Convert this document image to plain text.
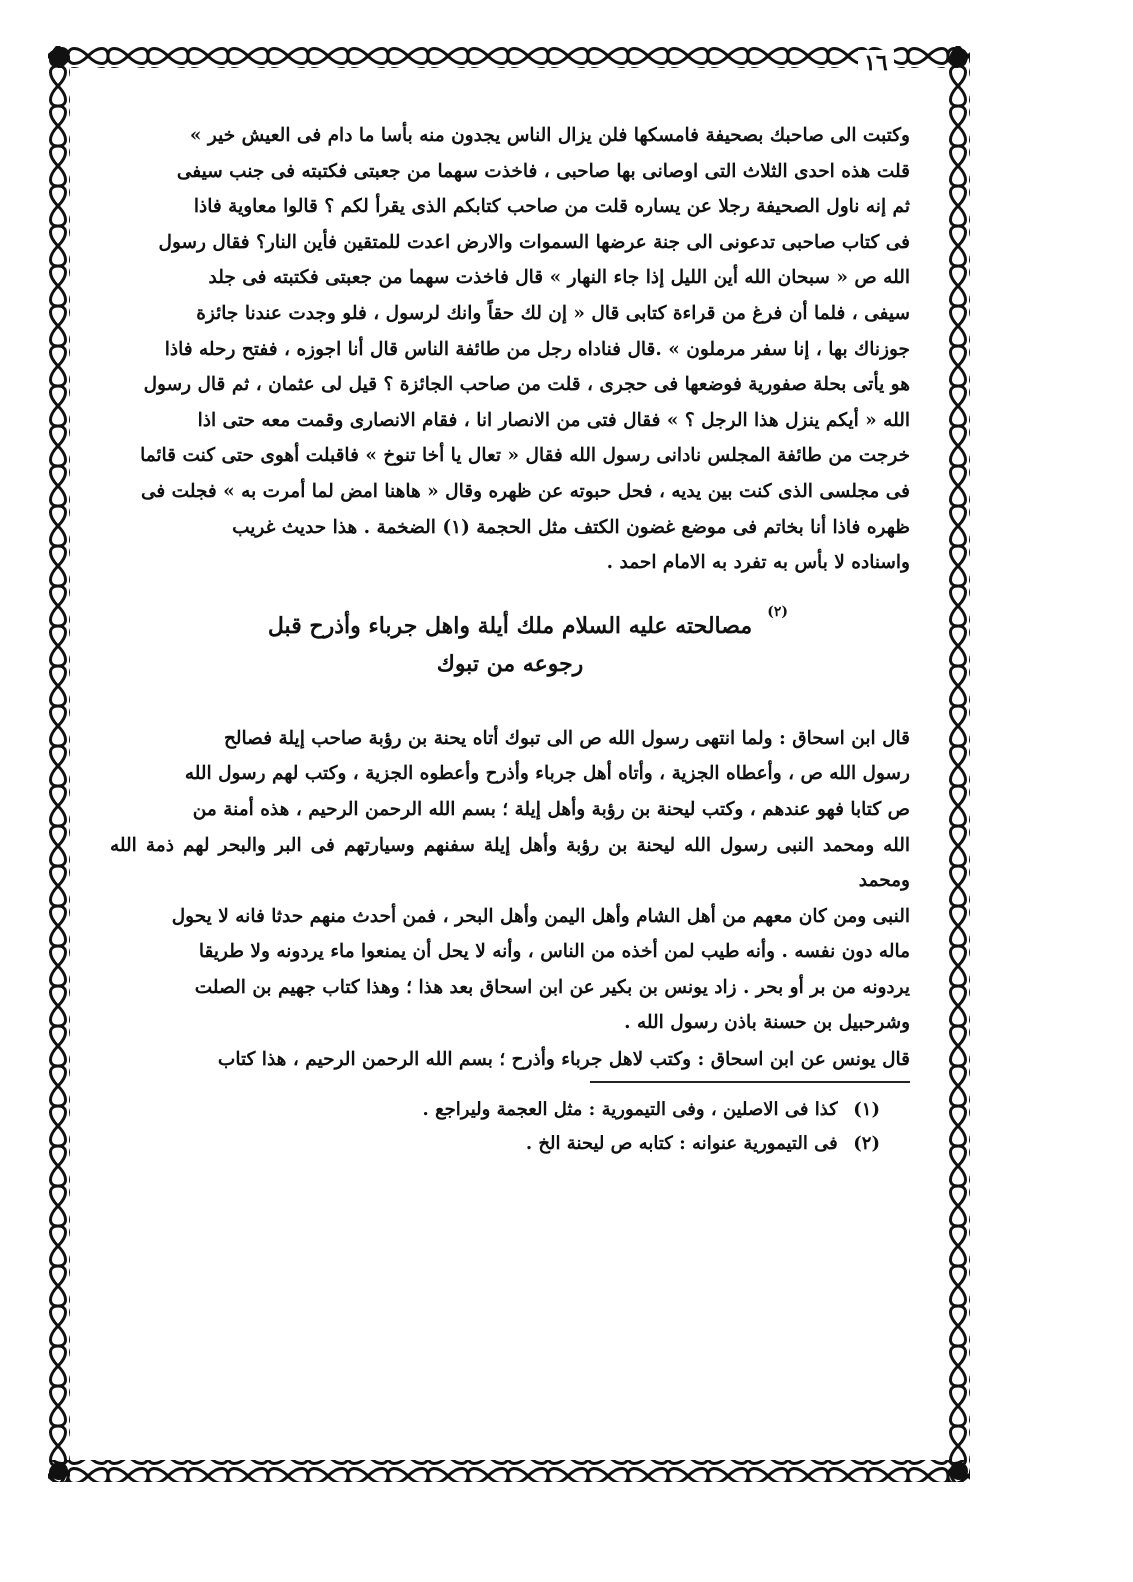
١٦

وكتبت الى صاحبك بصحيفة فامسكها فلن يزال الناس يجدون منه بأسا ما دام فى العيش خير »

قلت هذه احدى الثلاث التى اوصانى بها صاحبى ، فاخذت سهما من جعبتى فكتبته فى جنب سيفى

ثم إنه ناول الصحيفة رجلا عن يساره قلت من صاحب كتابكم الذى يقرأ لكم ؟ قالوا معاوية فاذا

فى كتاب صاحبى تدعونى الى جنة عرضها السموات والارض اعدت للمتقين فأين النار؟ فقال رسول

الله ص « سبحان الله أين الليل إذا جاء النهار » قال فاخذت سهما من جعبتى فكتبته فى جلد

سيفى ، فلما أن فرغ من قراءة كتابى قال « إن لك حقاً وانك لرسول ، فلو وجدت عندنا جائزة

جوزناك بها ، إنا سفر مرملون » .قال فناداه رجل من طائفة الناس قال أنا اجوزه ، ففتح رحله فاذا

هو يأتى بحلة صفورية فوضعها فى حجرى ، قلت من صاحب الجائزة ؟ قيل لى عثمان ، ثم قال رسول

الله « أيكم ينزل هذا الرجل ؟ » فقال فتى من الانصار انا ، فقام الانصارى وقمت معه حتى اذا

خرجت من طائفة المجلس نادانى رسول الله فقال « تعال يا أخا تنوخ » فاقبلت أهوى حتى كنت قائما

فى مجلسى الذى كنت بين يديه ، فحل حبوته عن ظهره وقال « هاهنا امض لما أمرت به » فجلت فى

ظهره فاذا أنا بخاتم فى موضع غضون الكتف مثل الحجمة (١) الضخمة . هذا حديث غريب

واسناده لا بأس به تفرد به الامام احمد .

(٢)
مصالحته عليه السلام ملك أيلة واهل جرباء وأذرح قبل
رجوعه من تبوك

قال ابن اسحاق : ولما انتهى رسول الله ص الى تبوك أتاه يحنة بن رؤبة صاحب إيلة فصالح

رسول الله ص ، وأعطاه الجزية ، وأتاه أهل جرباء وأذرح وأعطوه الجزية ، وكتب لهم رسول الله

ص كتابا فهو عندهم ، وكتب ليحنة بن رؤبة وأهل إيلة ؛ بسم الله الرحمن الرحيم ، هذه أمنة من

الله ومحمد النبى رسول الله ليحنة بن رؤبة وأهل إيلة سفنهم وسيارتهم فى البر والبحر لهم ذمة الله ومحمد

النبى ومن كان معهم من أهل الشام وأهل اليمن وأهل البحر ، فمن أحدث منهم حدثا فانه لا يحول

ماله دون نفسه . وأنه طيب لمن أخذه من الناس ، وأنه لا يحل أن يمنعوا ماء يردونه ولا طريقا

يردونه من بر أو بحر . زاد يونس بن بكير عن ابن اسحاق بعد هذا ؛ وهذا كتاب جهيم بن الصلت

وشرحبيل بن حسنة باذن رسول الله .

قال يونس عن ابن اسحاق : وكتب لاهل جرباء وأذرح ؛ بسم الله الرحمن الرحيم ، هذا كتاب

(١) كذا فى الاصلين ، وفى التيمورية : مثل العجمة وليراجع .
(٢) فى التيمورية عنوانه : كتابه ص ليحنة الخ .
